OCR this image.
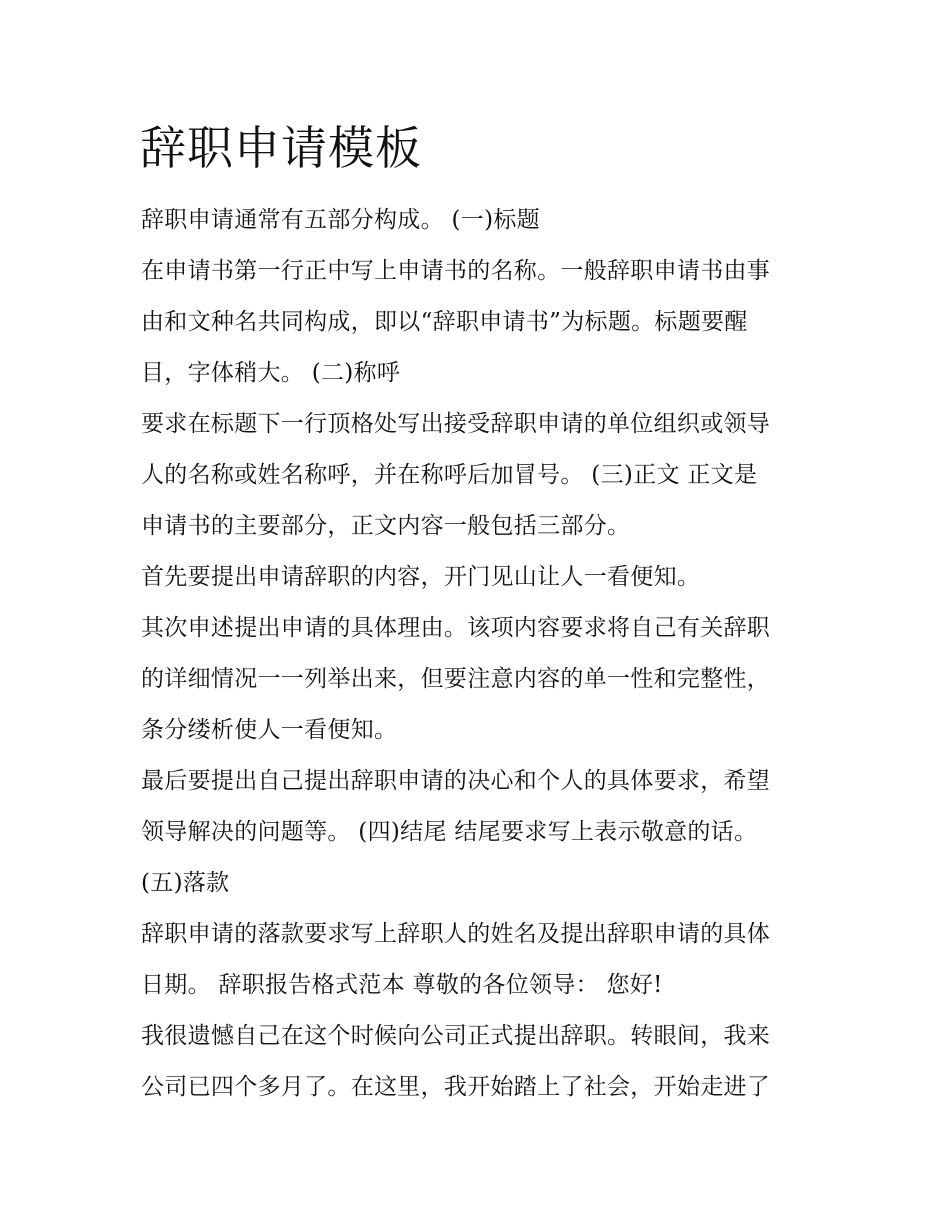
辞职申请模板

辞职申请通常有五部分构成。 (一)标题

在申请书第一行正中写上申请书的名称。一般辞职申请书由事

由和文种名共同构成，即以“辞职申请书”为标题。标题要醒

目，字体稍大。 (二)称呼

要求在标题下一行顶格处写出接受辞职申请的单位组织或领导

人的名称或姓名称呼，并在称呼后加冒号。 (三)正文 正文是

申请书的主要部分，正文内容一般包括三部分。

首先要提出申请辞职的内容，开门见山让人一看便知。

其次申述提出申请的具体理由。该项内容要求将自己有关辞职

的详细情况一一列举出来，但要注意内容的单一性和完整性，

条分缕析使人一看便知。

最后要提出自己提出辞职申请的决心和个人的具体要求，希望

领导解决的问题等。 (四)结尾 结尾要求写上表示敬意的话。

(五)落款

辞职申请的落款要求写上辞职人的姓名及提出辞职申请的具体

日期。 辞职报告格式范本 尊敬的各位领导： 您好!

我很遗憾自己在这个时候向公司正式提出辞职。转眼间，我来

公司已四个多月了。在这里，我开始踏上了社会，开始走进了
